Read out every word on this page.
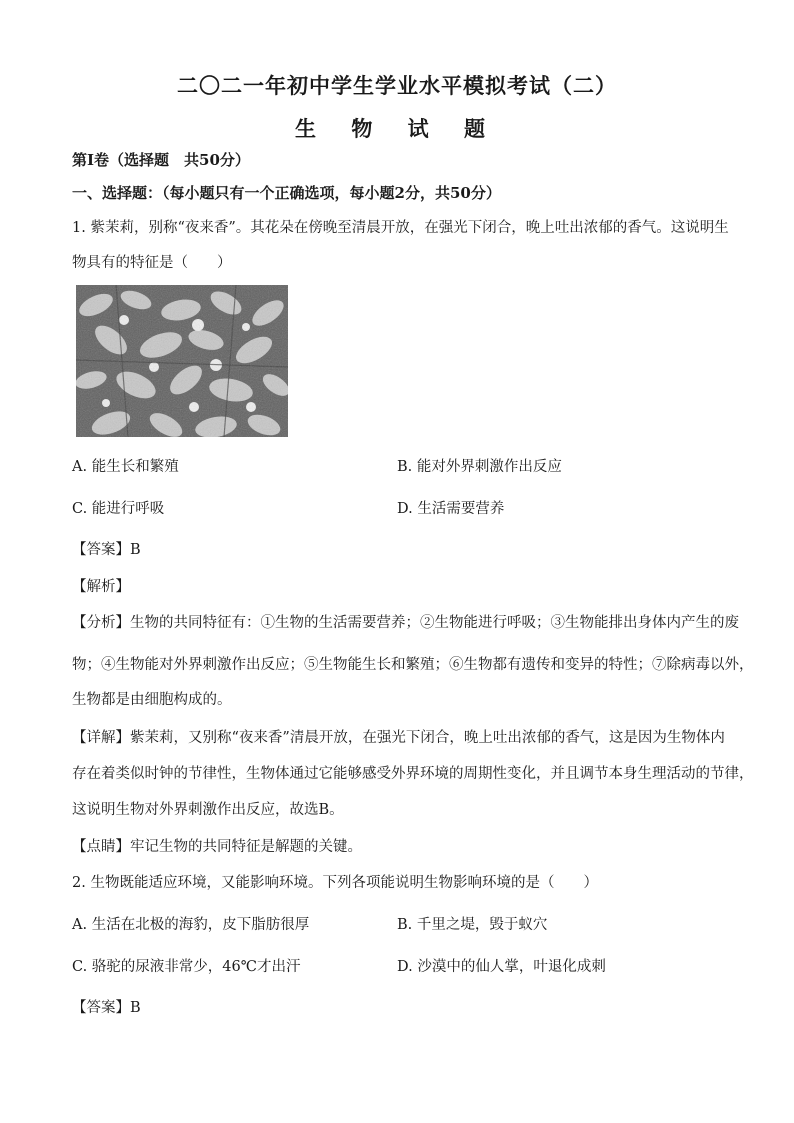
二〇二一年初中学生学业水平模拟考试（二）
生 物 试 题
第Ⅰ卷（选择题　共50分）
一、选择题：（每小题只有一个正确选项，每小题2分，共50分）
1. 紫茉莉，别称“夜来香”。其花朵在傍晚至清晨开放，在强光下闭合，晚上吐出浓郁的香气。这说明生
物具有的特征是（　　）
A. 能生长和繁殖	B. 能对外界刺激作出反应
C. 能进行呼吸	D. 生活需要营养
【答案】B
【解析】
【分析】生物的共同特征有：①生物的生活需要营养；②生物能进行呼吸；③生物能排出身体内产生的废
物；④生物能对外界刺激作出反应；⑤生物能生长和繁殖；⑥生物都有遗传和变异的特性；⑦除病毒以外，
生物都是由细胞构成的。
【详解】紫茉莉，又别称“夜来香”清晨开放，在强光下闭合，晚上吐出浓郁的香气，这是因为生物体内
存在着类似时钟的节律性，生物体通过它能够感受外界环境的周期性变化，并且调节本身生理活动的节律，
这说明生物对外界刺激作出反应，故选B。
【点睛】牢记生物的共同特征是解题的关键。
2. 生物既能适应环境，又能影响环境。下列各项能说明生物影响环境的是（　　）
A. 生活在北极的海豹，皮下脂肪很厚	B. 千里之堤，毁于蚁穴
C. 骆驼的尿液非常少，46℃才出汗	D. 沙漠中的仙人掌，叶退化成刺
【答案】B
